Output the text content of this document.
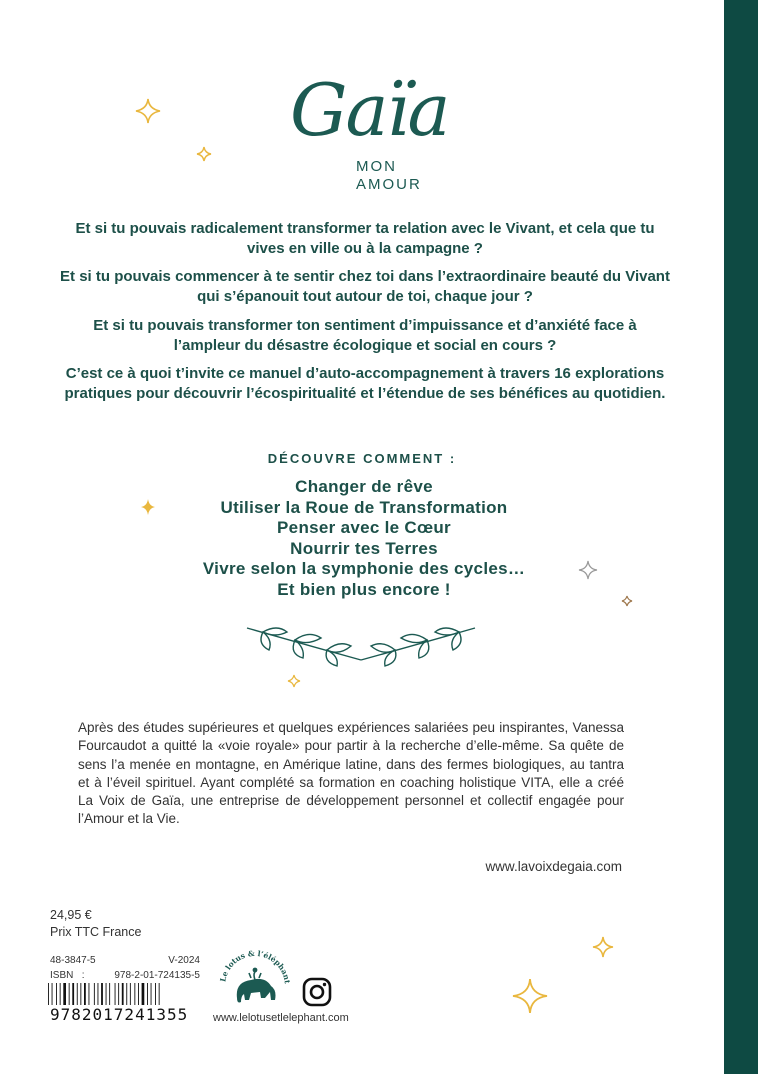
Gaïa
MON
AMOUR
Et si tu pouvais radicalement transformer ta relation avec le Vivant, et cela que tu vives en ville ou à la campagne ?
Et si tu pouvais commencer à te sentir chez toi dans l’extraordinaire beauté du Vivant qui s’épanouit tout autour de toi, chaque jour ?
Et si tu pouvais transformer ton sentiment d’impuissance et d’anxiété face à l’ampleur du désastre écologique et social en cours ?
C’est ce à quoi t’invite ce manuel d’auto-accompagnement à travers 16 explorations pratiques pour découvrir l’écospiritualité et l’étendue de ses bénéfices au quotidien.
DÉCOUVRE COMMENT :
Changer de rêve
Utiliser la Roue de Transformation
Penser avec le Cœur
Nourrir tes Terres
Vivre selon la symphonie des cycles…
Et bien plus encore !
Après des études supérieures et quelques expériences salariées peu inspirantes, Vanessa Fourcaudot a quitté la «voie royale» pour partir à la recherche d’elle-même. Sa quête de sens l’a menée en montagne, en Amérique latine, dans des fermes biologiques, au tantra et à l’éveil spirituel. Ayant complété sa formation en coaching holistique VITA, elle a créé La Voix de Gaïa, une entreprise de développement personnel et collectif engagée pour l’Amour et la Vie.
www.lavoixdegaia.com
24,95 €
Prix TTC France
48-3847-5	V-2024
ISBN :	978-2-01-724135-5
9782017241355
Le lotus & l’éléphant
www.lelotusetlelephant.com
